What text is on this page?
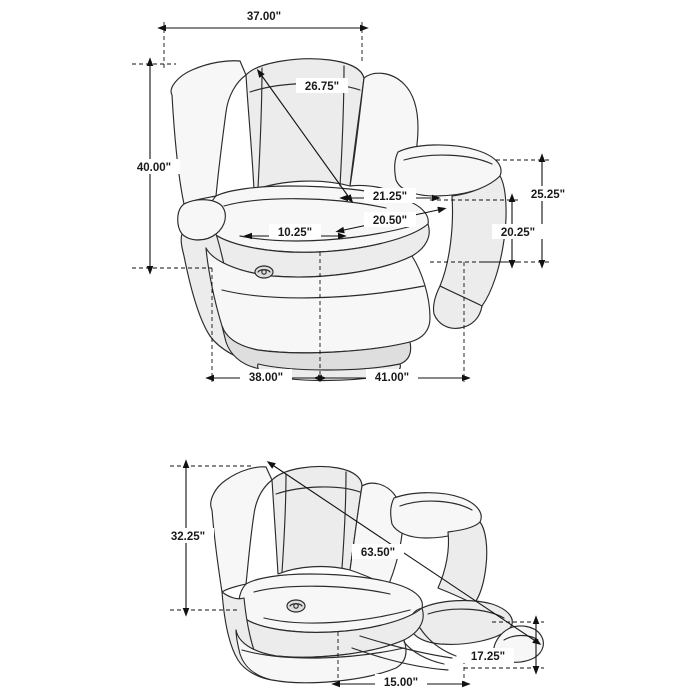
37.00"
26.75"
40.00"
21.25"
20.50"
10.25"
25.25"
20.25"
38.00"	41.00"
32.25"
63.50"
15.00"
17.25"
